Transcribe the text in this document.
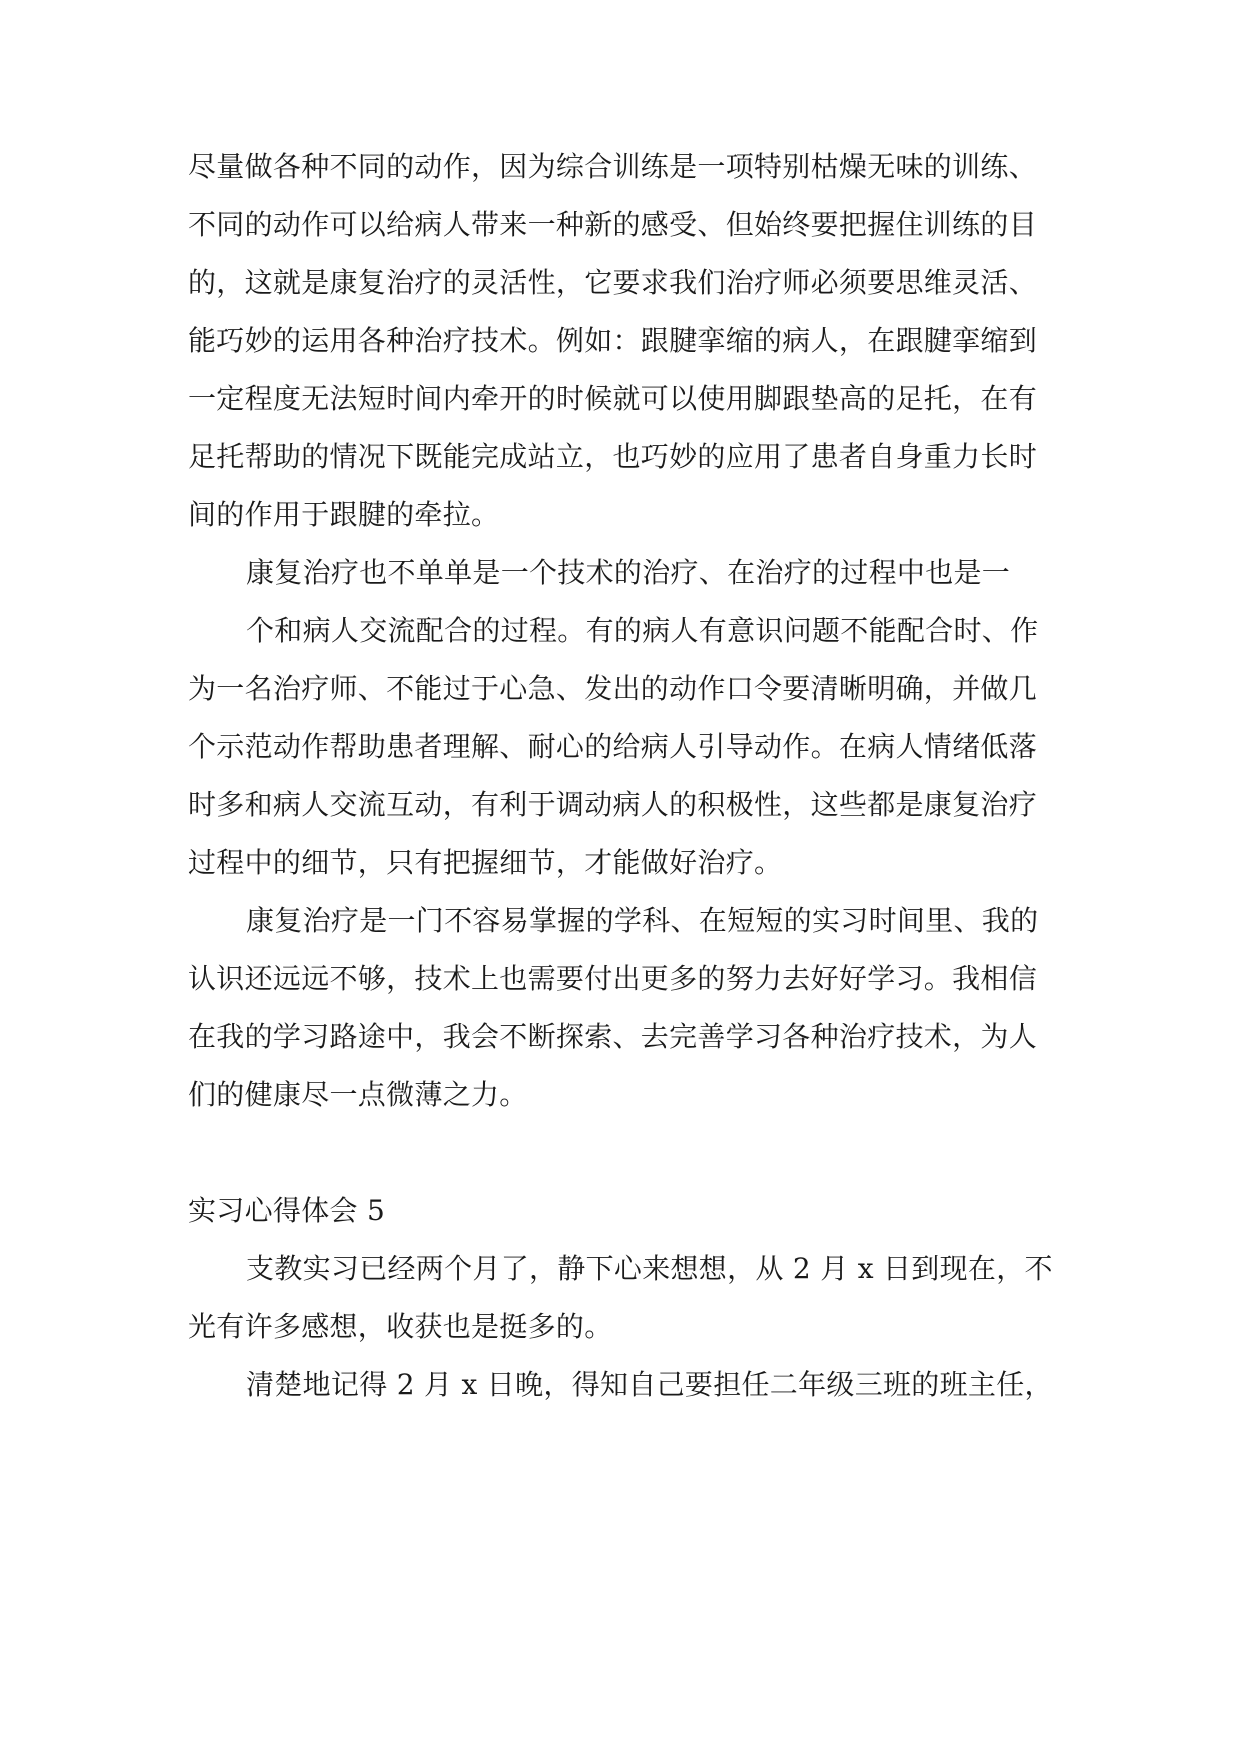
尽量做各种不同的动作，因为综合训练是一项特别枯燥无味的训练、
不同的动作可以给病人带来一种新的感受、但始终要把握住训练的目
的，这就是康复治疗的灵活性，它要求我们治疗师必须要思维灵活、
能巧妙的运用各种治疗技术。例如：跟腱挛缩的病人，在跟腱挛缩到
一定程度无法短时间内牵开的时候就可以使用脚跟垫高的足托，在有
足托帮助的情况下既能完成站立，也巧妙的应用了患者自身重力长时
间的作用于跟腱的牵拉。
康复治疗也不单单是一个技术的治疗、在治疗的过程中也是一
个和病人交流配合的过程。有的病人有意识问题不能配合时、作
为一名治疗师、不能过于心急、发出的动作口令要清晰明确，并做几
个示范动作帮助患者理解、耐心的给病人引导动作。在病人情绪低落
时多和病人交流互动，有利于调动病人的积极性，这些都是康复治疗
过程中的细节，只有把握细节，才能做好治疗。
康复治疗是一门不容易掌握的学科、在短短的实习时间里、我的
认识还远远不够，技术上也需要付出更多的努力去好好学习。我相信
在我的学习路途中，我会不断探索、去完善学习各种治疗技术，为人
们的健康尽一点微薄之力。
实习心得体会 5
支教实习已经两个月了，静下心来想想，从 2 月 x 日到现在，不
光有许多感想，收获也是挺多的。
清楚地记得 2 月 x 日晚，得知自己要担任二年级三班的班主任，
